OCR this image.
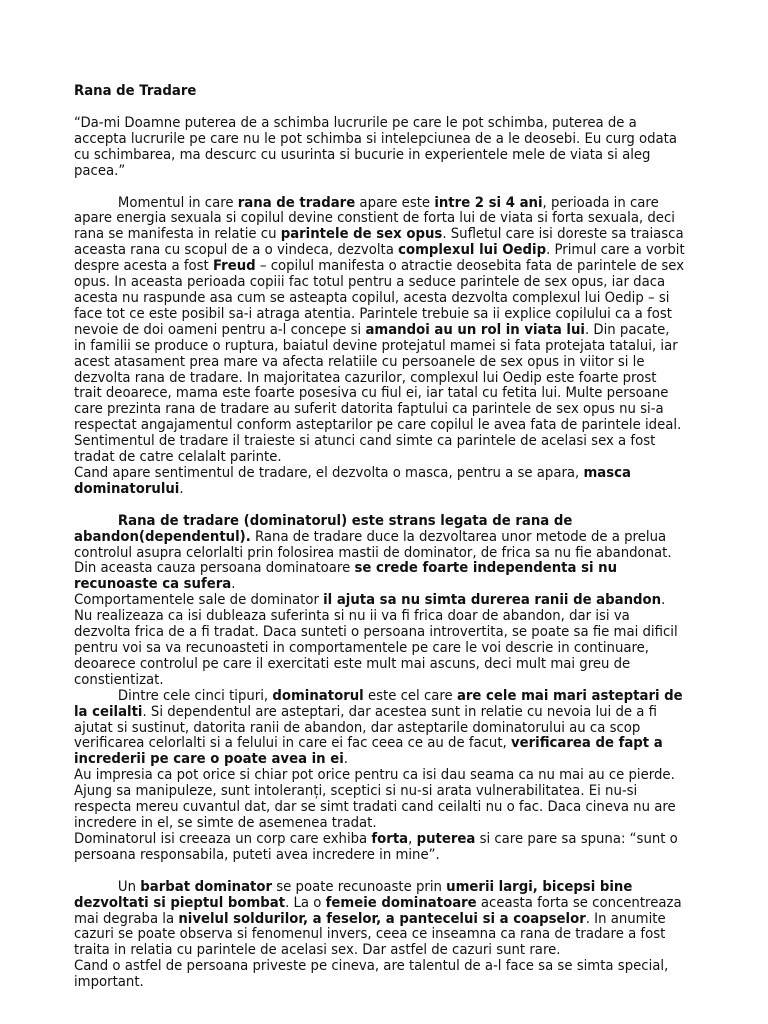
Rana de Tradare

“Da-mi Doamne puterea de a schimba lucrurile pe care le pot schimba, puterea de a accepta lucrurile pe care nu le pot schimba si intelepciunea de a le deosebi. Eu curg odata cu schimbarea, ma descurc cu usurinta si bucurie in experientele mele de viata si aleg pacea.”

Momentul in care rana de tradare apare este intre 2 si 4 ani, perioada in care apare energia sexuala si copilul devine constient de forta lui de viata si forta sexuala, deci rana se manifesta in relatie cu parintele de sex opus. Sufletul care isi doreste sa traiasca aceasta rana cu scopul de a o vindeca, dezvolta complexul lui Oedip. Primul care a vorbit despre acesta a fost Freud – copilul manifesta o atractie deosebita fata de parintele de sex opus. In aceasta perioada copiii fac totul pentru a seduce parintele de sex opus, iar daca acesta nu raspunde asa cum se asteapta copilul, acesta dezvolta complexul lui Oedip – si face tot ce este posibil sa-i atraga atentia. Parintele trebuie sa ii explice copilului ca a fost nevoie de doi oameni pentru a-l concepe si amandoi au un rol in viata lui. Din pacate, in familii se produce o ruptura, baiatul devine protejatul mamei si fata protejata tatalui, iar acest atasament prea mare va afecta relatiile cu persoanele de sex opus in viitor si le dezvolta rana de tradare. In majoritatea cazurilor, complexul lui Oedip este foarte prost trait deoarece, mama este foarte posesiva cu fiul ei, iar tatal cu fetita lui. Multe persoane care prezinta rana de tradare au suferit datorita faptului ca parintele de sex opus nu si-a respectat angajamentul conform asteptarilor pe care copilul le avea fata de parintele ideal. Sentimentul de tradare il traieste si atunci cand simte ca parintele de acelasi sex a fost tradat de catre celalalt parinte.

Cand apare sentimentul de tradare, el dezvolta o masca, pentru a se apara, masca dominatorului.

Rana de tradare (dominatorul) este strans legata de rana de abandon(dependentul). Rana de tradare duce la dezvoltarea unor metode de a prelua controlul asupra celorlalti prin folosirea mastii de dominator, de frica sa nu fie abandonat. Din aceasta cauza persoana dominatoare se crede foarte independenta si nu recunoaste ca sufera.

Comportamentele sale de dominator il ajuta sa nu simta durerea ranii de abandon. Nu realizeaza ca isi dubleaza suferinta si nu ii va fi frica doar de abandon, dar isi va dezvolta frica de a fi tradat. Daca sunteti o persoana introvertita, se poate sa fie mai dificil pentru voi sa va recunoasteti in comportamentele pe care le voi descrie in continuare, deoarece controlul pe care il exercitati este mult mai ascuns, deci mult mai greu de constientizat.

Dintre cele cinci tipuri, dominatorul este cel care are cele mai mari asteptari de la ceilalti. Si dependentul are asteptari, dar acestea sunt in relatie cu nevoia lui de a fi ajutat si sustinut, datorita ranii de abandon, dar asteptarile dominatorului au ca scop verificarea celorlalti si a felului in care ei fac ceea ce au de facut, verificarea de fapt a increderii pe care o poate avea in ei.

Au impresia ca pot orice si chiar pot orice pentru ca isi dau seama ca nu mai au ce pierde. Ajung sa manipuleze, sunt intoleranți, sceptici si nu-si arata vulnerabilitatea. Ei nu-si respecta mereu cuvantul dat, dar se simt tradati cand ceilalti nu o fac. Daca cineva nu are incredere in el, se simte de asemenea tradat.

Dominatorul isi creeaza un corp care exhiba forta, puterea si care pare sa spuna: “sunt o persoana responsabila, puteti avea incredere in mine”.

Un barbat dominator se poate recunoaste prin umerii largi, bicepsi bine dezvoltati si pieptul bombat. La o femeie dominatoare aceasta forta se concentreaza mai degraba la nivelul soldurilor, a feselor, a pantecelui si a coapselor. In anumite cazuri se poate observa si fenomenul invers, ceea ce inseamna ca rana de tradare a fost traita in relatia cu parintele de acelasi sex. Dar astfel de cazuri sunt rare.

Cand o astfel de persoana priveste pe cineva, are talentul de a-l face sa se simta special, important.
